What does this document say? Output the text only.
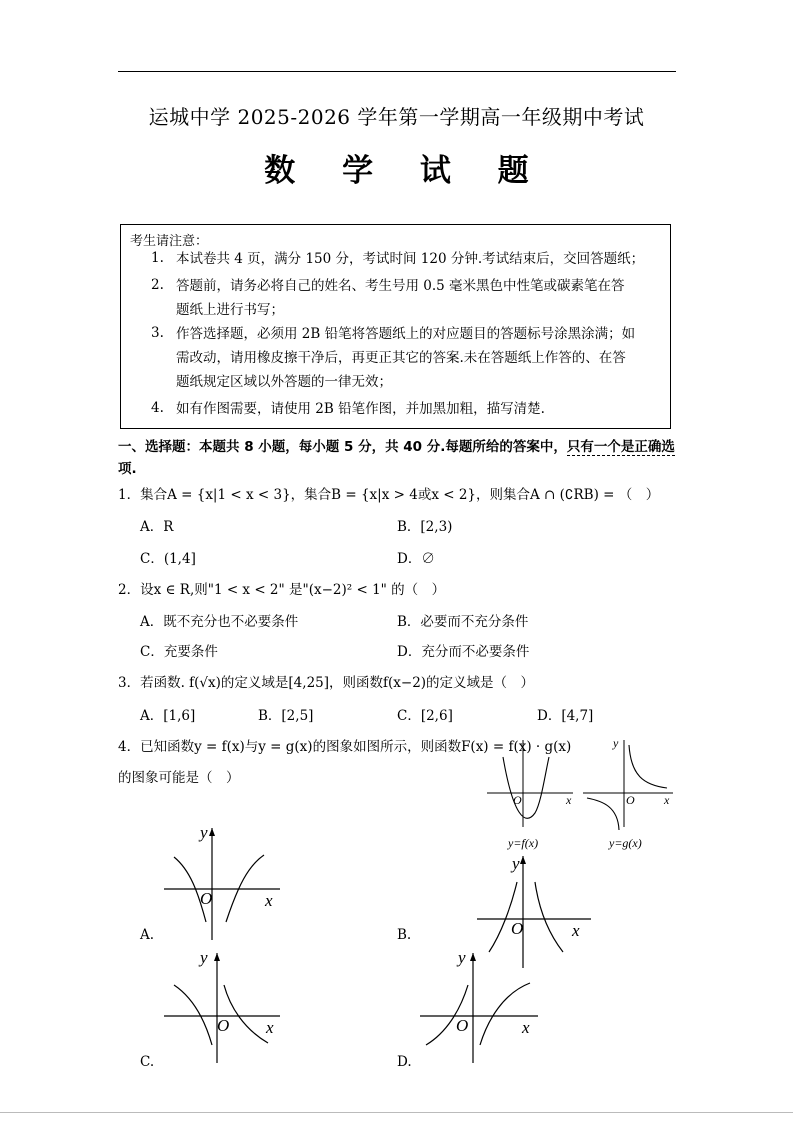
运城中学 2025-2026 学年第一学期高一年级期中考试
数 学 试 题
考生请注意：
1. 本试卷共 4 页，满分 150 分，考试时间 120 分钟.考试结束后，交回答题纸；
2. 答题前，请务必将自己的姓名、考生号用 0.5 毫米黑色中性笔或碳素笔在答
题纸上进行书写；
3. 作答选择题，必须用 2B 铅笔将答题纸上的对应题目的答题标号涂黑涂满；如
需改动，请用橡皮擦干净后，再更正其它的答案.未在答题纸上作答的、在答
题纸规定区域以外答题的一律无效；
4. 如有作图需要，请使用 2B 铅笔作图，并加黑加粗，描写清楚.
一、选择题：本题共 8 小题，每小题 5 分，共 40 分.每题所给的答案中，只有一个是正确选
项.
1．集合A = {x|1 < x < 3}，集合B = {x|x > 4或x < 2}，则集合A ∩ (∁RB) = （　）
A．R	B．[2,3)
C．(1,4]	D．∅
2．设x ∈ R,则"1 < x < 2" 是"(x−2)² < 1" 的（　）
A．既不充分也不必要条件	B．必要而不充分条件
C．充要条件	D．充分而不必要条件
3．若函数. f(√x)的定义域是[4,25]，则函数f(x−2)的定义域是（　）
A．[1,6]	B．[2,5]	C．[2,6]	D．[4,7]
4．已知函数y = f(x)与y = g(x)的图象如图所示，则函数F(x) = f(x) · g(x)
的图象可能是（　）
O	x
y=f(x)
y
O x
y=g(x)
A.
y
O	x
B.
y
O	x
C.
y
O x
D.
y
O	x
